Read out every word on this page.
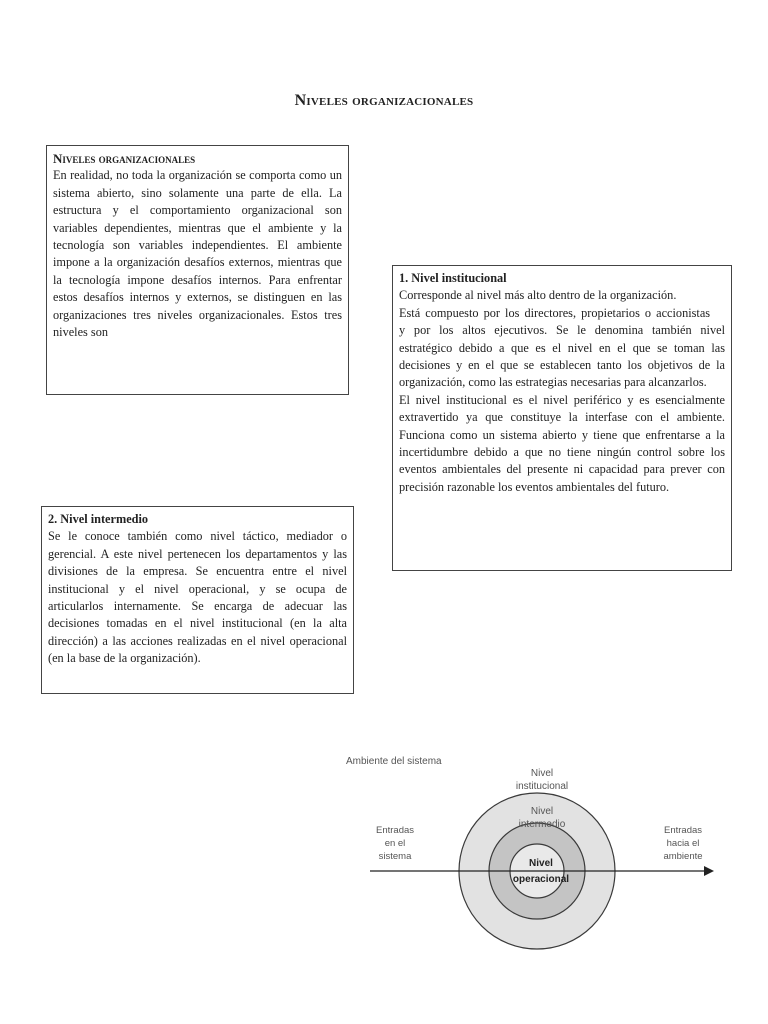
Niveles organizacionales

Niveles organizacionales

En realidad, no toda la organización se comporta como un sistema abierto, sino solamente una parte de ella. La estructura y el comportamiento organizacional son variables dependientes, mientras que el ambiente y la tecnología son variables independientes. El ambiente impone a la organización desafíos externos, mientras que la tecnología impone desafíos internos. Para enfrentar estos desafíos internos y externos, se distinguen en las organizaciones tres niveles organizacionales. Estos tres niveles son

1. Nivel institucional

Corresponde al nivel más alto dentro de la organización.

Está compuesto por los directores, propietarios o accionistas

y por los altos ejecutivos. Se le denomina también nivel estratégico debido a que es el nivel en el que se toman las decisiones y en el que se establecen tanto los objetivos de la organización, como las estrategias necesarias para alcanzarlos.

El nivel institucional es el nivel periférico y es esencialmente extravertido ya que constituye la interfase con el ambiente. Funciona como un sistema abierto y tiene que enfrentarse a la incertidumbre debido a que no tiene ningún control sobre los eventos ambientales del presente ni capacidad para prever con precisión razonable los eventos ambientales del futuro.

2. Nivel intermedio

Se le conoce también como nivel táctico, mediador o gerencial. A este nivel pertenecen los departamentos y las divisiones de la empresa. Se encuentra entre el nivel institucional y el nivel operacional, y se ocupa de articularlos internamente. Se encarga de adecuar las decisiones tomadas en el nivel institucional (en la alta dirección) a las acciones realizadas en el nivel operacional (en la base de la organización).

Ambiente del sistema
Nivel
institucional
Nivel
intermedio
Nivel
operacional
Entradas
en el
sistema
Entradas
hacia el
ambiente
